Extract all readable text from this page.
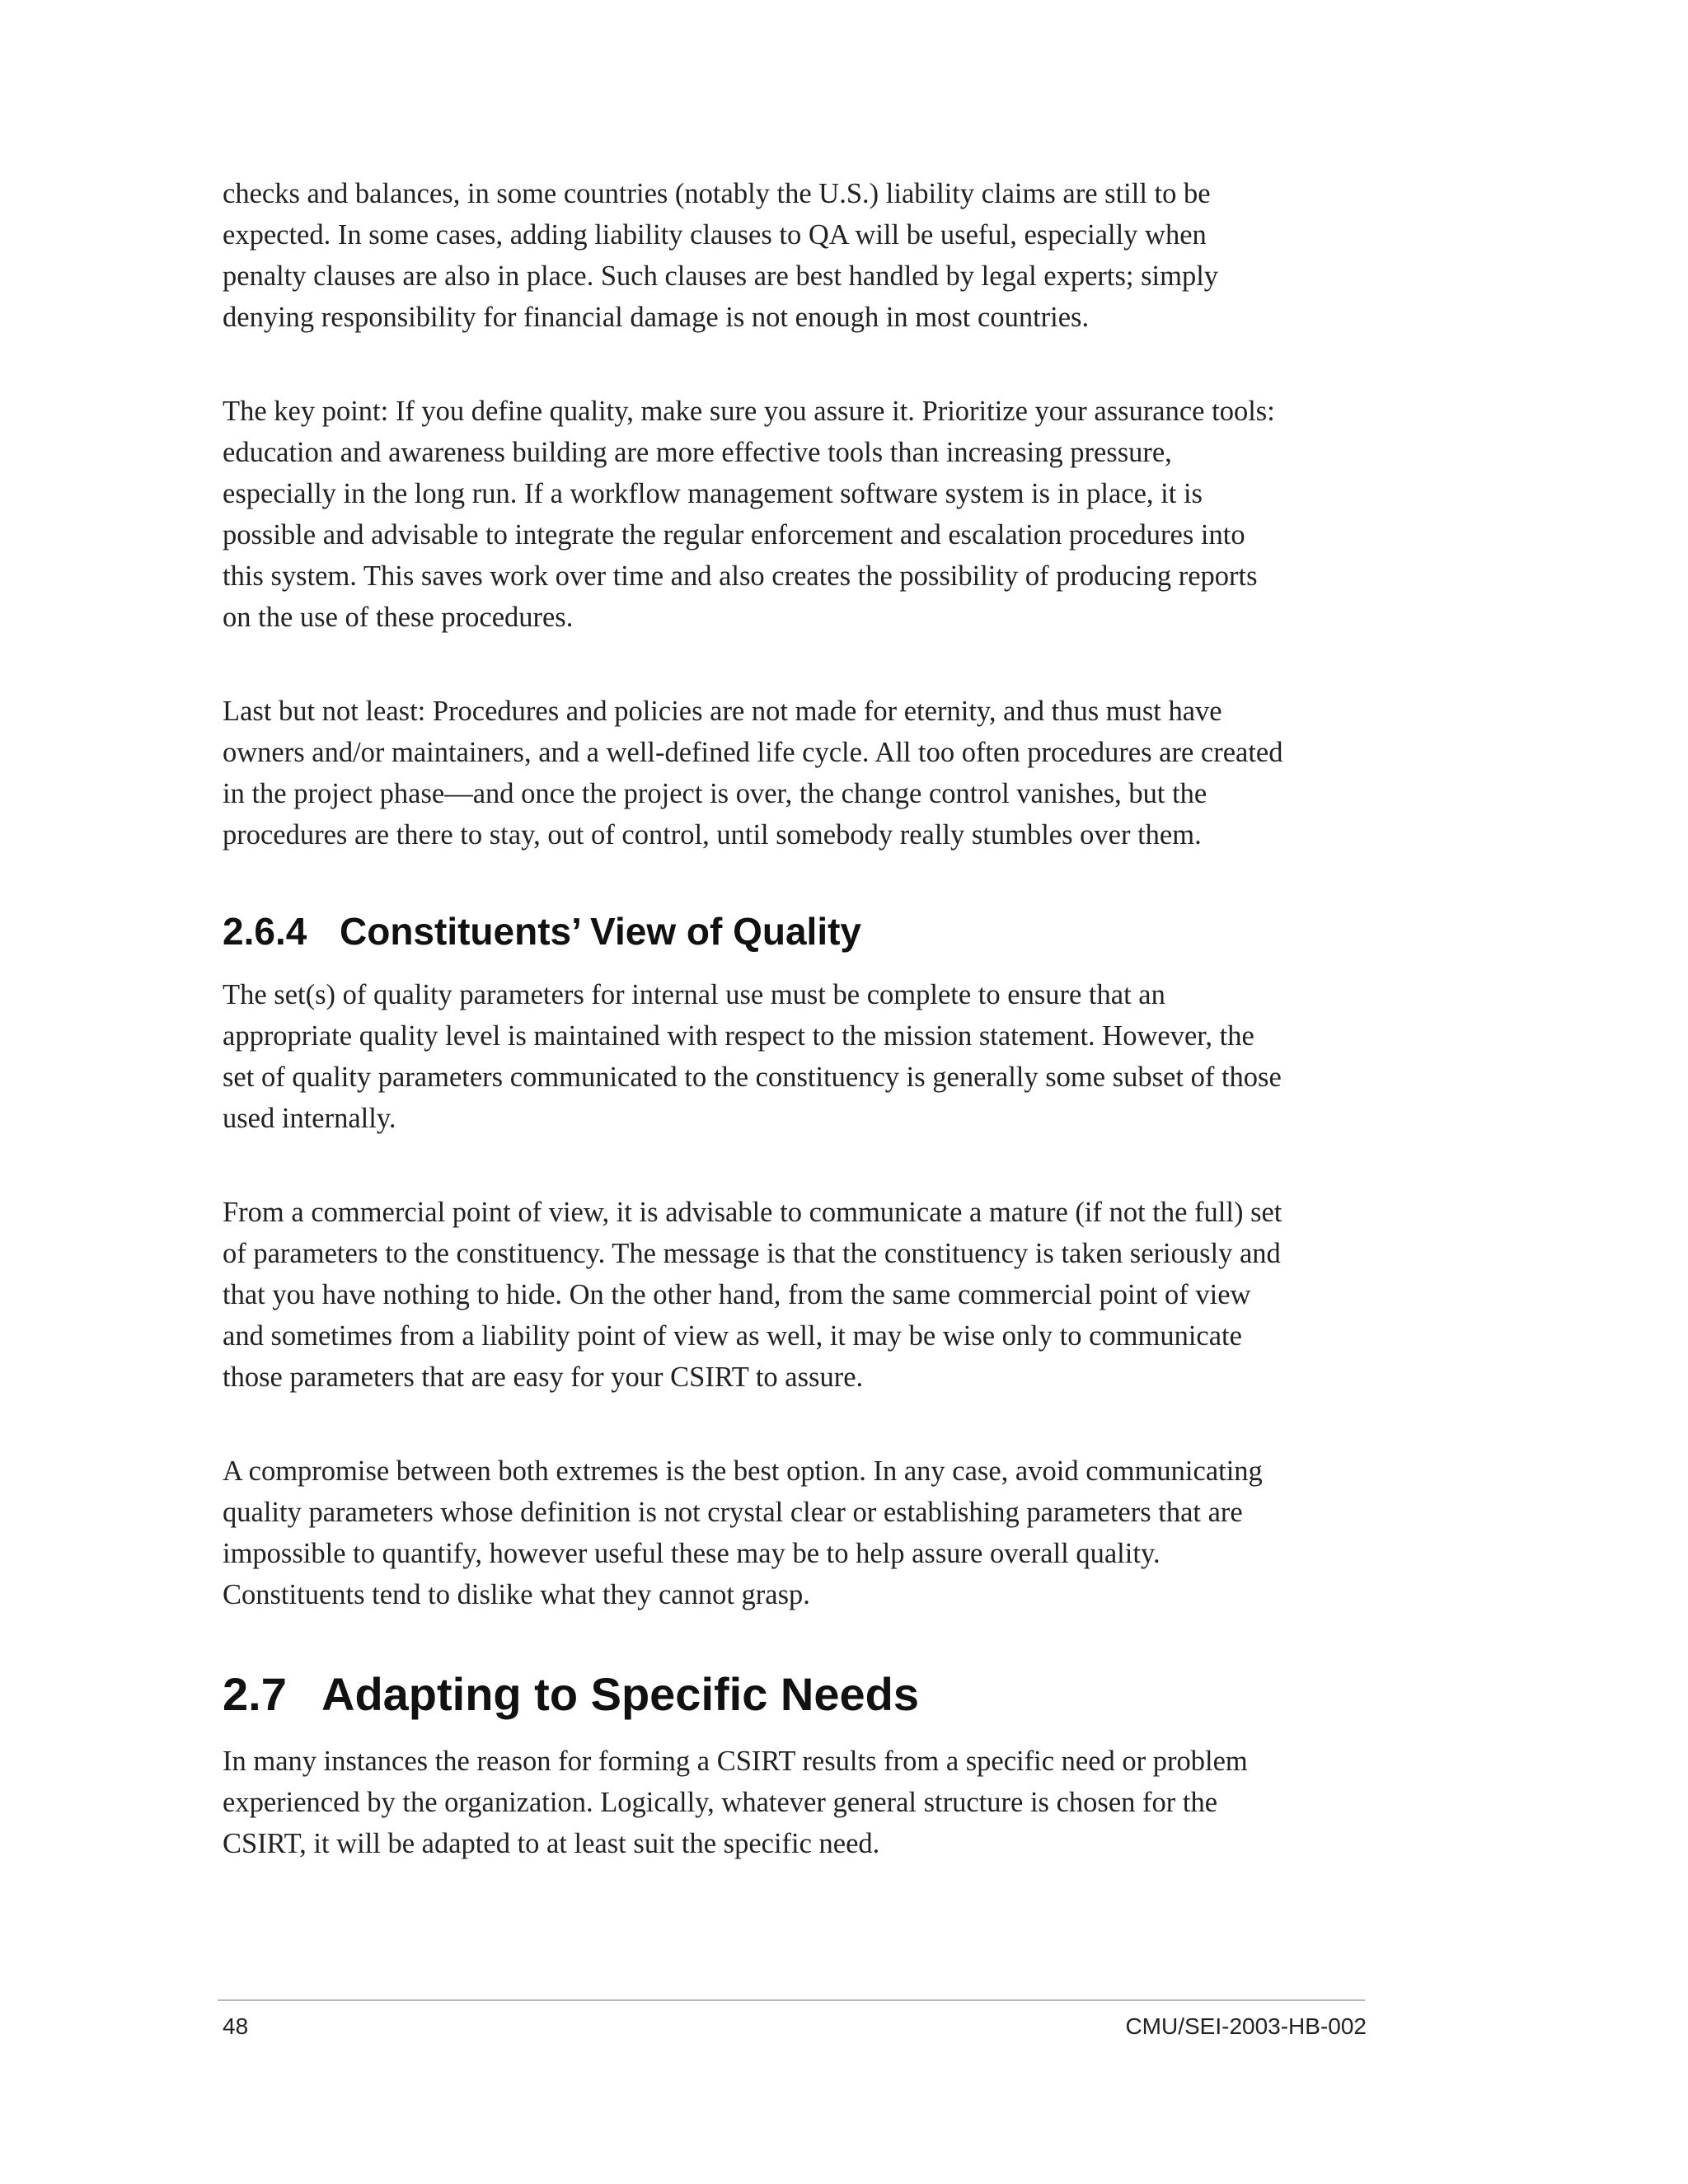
checks and balances, in some countries (notably the U.S.) liability claims are still to be
expected. In some cases, adding liability clauses to QA will be useful, especially when
penalty clauses are also in place. Such clauses are best handled by legal experts; simply
denying responsibility for financial damage is not enough in most countries.

The key point: If you define quality, make sure you assure it. Prioritize your assurance tools:
education and awareness building are more effective tools than increasing pressure,
especially in the long run. If a workflow management software system is in place, it is
possible and advisable to integrate the regular enforcement and escalation procedures into
this system. This saves work over time and also creates the possibility of producing reports
on the use of these procedures.

Last but not least: Procedures and policies are not made for eternity, and thus must have
owners and/or maintainers, and a well-defined life cycle. All too often procedures are created
in the project phase—and once the project is over, the change control vanishes, but the
procedures are there to stay, out of control, until somebody really stumbles over them.

2.6.4 Constituents’ View of Quality

The set(s) of quality parameters for internal use must be complete to ensure that an
appropriate quality level is maintained with respect to the mission statement. However, the
set of quality parameters communicated to the constituency is generally some subset of those
used internally.

From a commercial point of view, it is advisable to communicate a mature (if not the full) set
of parameters to the constituency. The message is that the constituency is taken seriously and
that you have nothing to hide. On the other hand, from the same commercial point of view
and sometimes from a liability point of view as well, it may be wise only to communicate
those parameters that are easy for your CSIRT to assure.

A compromise between both extremes is the best option. In any case, avoid communicating
quality parameters whose definition is not crystal clear or establishing parameters that are
impossible to quantify, however useful these may be to help assure overall quality.
Constituents tend to dislike what they cannot grasp.

2.7 Adapting to Specific Needs

In many instances the reason for forming a CSIRT results from a specific need or problem
experienced by the organization. Logically, whatever general structure is chosen for the
CSIRT, it will be adapted to at least suit the specific need.

48	CMU/SEI-2003-HB-002
